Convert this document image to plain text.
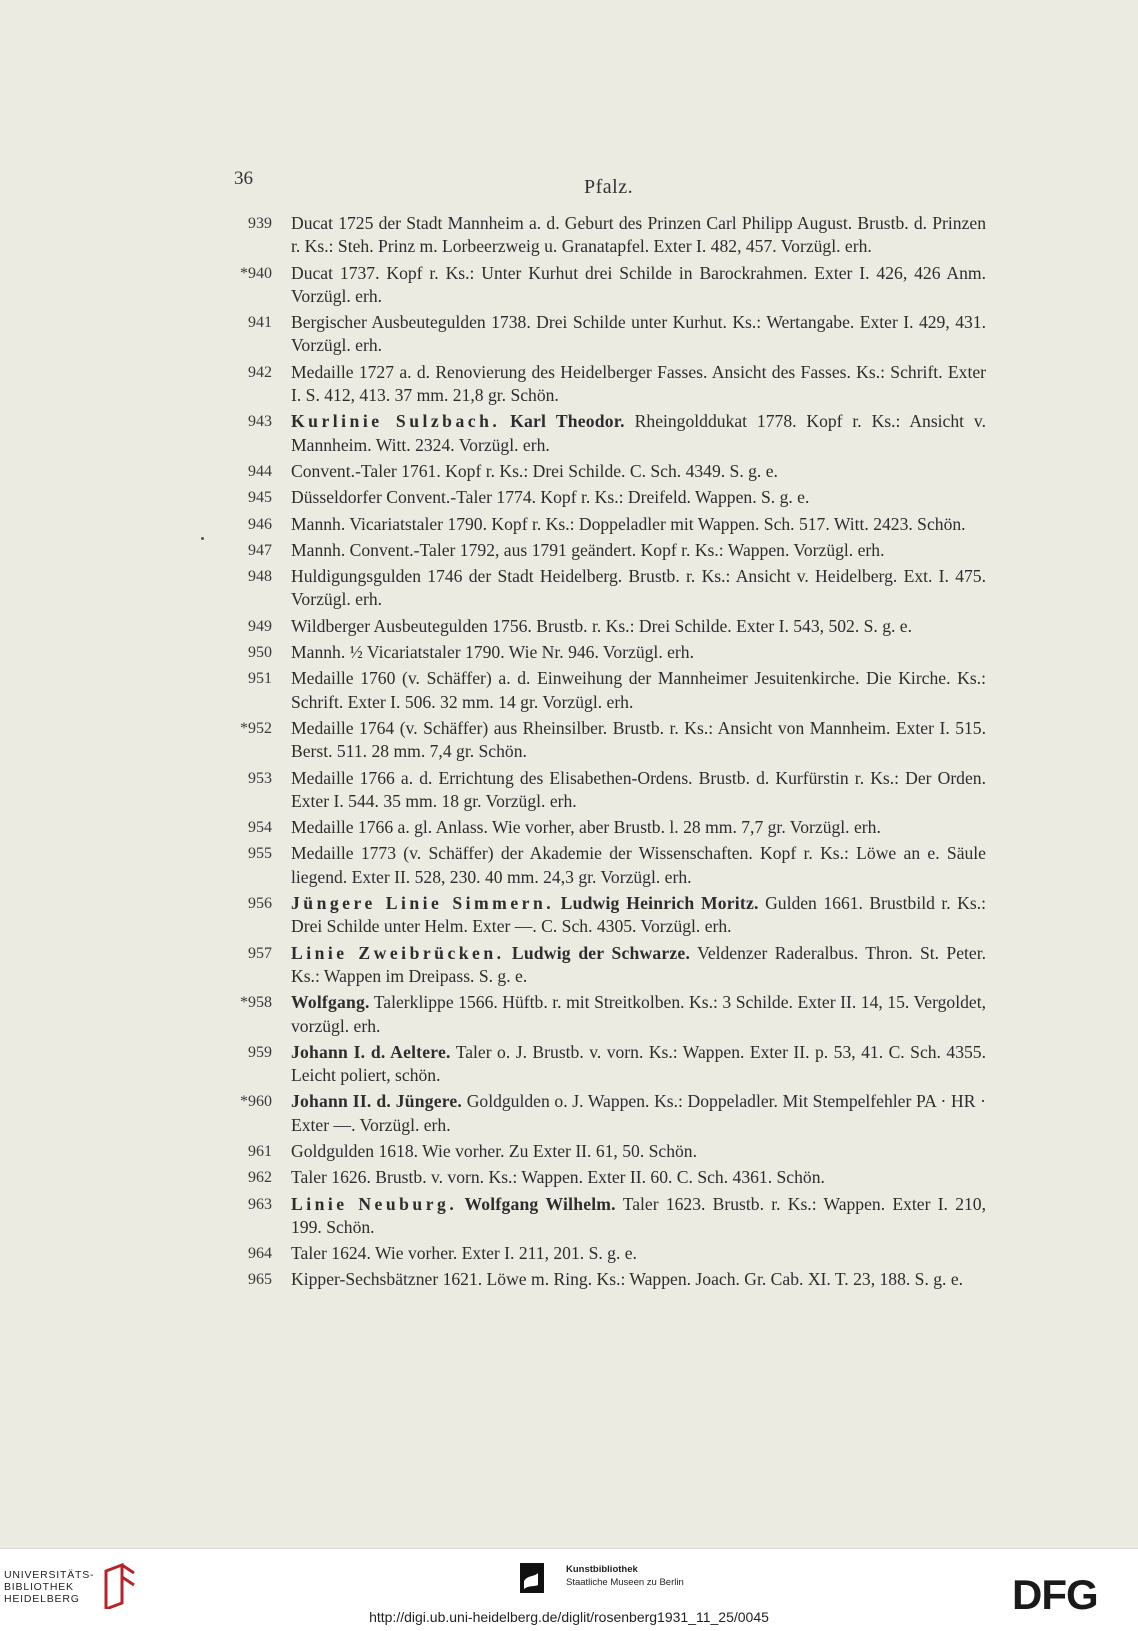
36	Pfalz.
939 Ducat 1725 der Stadt Mannheim a. d. Geburt des Prinzen Carl Philipp August. Brustb. d. Prinzen r. Ks.: Steh. Prinz m. Lorbeerzweig u. Granatapfel. Exter I. 482, 457. Vorzügl. erh.
*940 Ducat 1737. Kopf r. Ks.: Unter Kurhut drei Schilde in Barockrahmen. Exter I. 426, 426 Anm. Vorzügl. erh.
941 Bergischer Ausbeutegulden 1738. Drei Schilde unter Kurhut. Ks.: Wertangabe. Exter I. 429, 431. Vorzügl. erh.
942 Medaille 1727 a. d. Renovierung des Heidelberger Fasses. Ansicht des Fasses. Ks.: Schrift. Exter I. S. 412, 413. 37 mm. 21,8 gr. Schön.
943 Kurlinie Sulzbach. Karl Theodor. Rheingolddukat 1778. Kopf r. Ks.: Ansicht v. Mannheim. Witt. 2324. Vorzügl. erh.
944 Convent.-Taler 1761. Kopf r. Ks.: Drei Schilde. C. Sch. 4349. S. g. e.
945 Düsseldorfer Convent.-Taler 1774. Kopf r. Ks.: Dreifeld. Wappen. S. g. e.
946 Mannh. Vicariatstaler 1790. Kopf r. Ks.: Doppeladler mit Wappen. Sch. 517. Witt. 2423. Schön.
947 Mannh. Convent.-Taler 1792, aus 1791 geändert. Kopf r. Ks.: Wappen. Vorzügl. erh.
948 Huldigungsgulden 1746 der Stadt Heidelberg. Brustb. r. Ks.: Ansicht v. Heidelberg. Ext. I. 475. Vorzügl. erh.
949 Wildberger Ausbeutegulden 1756. Brustb. r. Ks.: Drei Schilde. Exter I. 543, 502. S. g. e.
950 Mannh. ½ Vicariatstaler 1790. Wie Nr. 946. Vorzügl. erh.
951 Medaille 1760 (v. Schäffer) a. d. Einweihung der Mannheimer Jesuitenkirche. Die Kirche. Ks.: Schrift. Exter I. 506. 32 mm. 14 gr. Vorzügl. erh.
*952 Medaille 1764 (v. Schäffer) aus Rheinsilber. Brustb. r. Ks.: Ansicht von Mannheim. Exter I. 515. Berst. 511. 28 mm. 7,4 gr. Schön.
953 Medaille 1766 a. d. Errichtung des Elisabethen-Ordens. Brustb. d. Kurfürstin r. Ks.: Der Orden. Exter I. 544. 35 mm. 18 gr. Vorzügl. erh.
954 Medaille 1766 a. gl. Anlass. Wie vorher, aber Brustb. l. 28 mm. 7,7 gr. Vorzügl. erh.
955 Medaille 1773 (v. Schäffer) der Akademie der Wissenschaften. Kopf r. Ks.: Löwe an e. Säule liegend. Exter II. 528, 230. 40 mm. 24,3 gr. Vorzügl. erh.
956 Jüngere Linie Simmern. Ludwig Heinrich Moritz. Gulden 1661. Brustbild r. Ks.: Drei Schilde unter Helm. Exter —. C. Sch. 4305. Vorzügl. erh.
957 Linie Zweibrücken. Ludwig der Schwarze. Veldenzer Raderalbus. Thron. St. Peter. Ks.: Wappen im Dreipass. S. g. e.
*958 Wolfgang. Talerklippe 1566. Hüftb. r. mit Streitkolben. Ks.: 3 Schilde. Exter II. 14, 15. Vergoldet, vorzügl. erh.
959 Johann I. d. Aeltere. Taler o. J. Brustb. v. vorn. Ks.: Wappen. Exter II. p. 53, 41. C. Sch. 4355. Leicht poliert, schön.
*960 Johann II. d. Jüngere. Goldgulden o. J. Wappen. Ks.: Doppeladler. Mit Stempelfehler PA · HR · Exter —. Vorzügl. erh.
961 Goldgulden 1618. Wie vorher. Zu Exter II. 61, 50. Schön.
962 Taler 1626. Brustb. v. vorn. Ks.: Wappen. Exter II. 60. C. Sch. 4361. Schön.
963 Linie Neuburg. Wolfgang Wilhelm. Taler 1623. Brustb. r. Ks.: Wappen. Exter I. 210, 199. Schön.
964 Taler 1624. Wie vorher. Exter I. 211, 201. S. g. e.
965 Kipper-Sechsbätzner 1621. Löwe m. Ring. Ks.: Wappen. Joach. Gr. Cab. XI. T. 23, 188. S. g. e.
UNIVERSITÄTS-
BIBLIOTHEK
HEIDELBERG
Kunstbibliothek
Staatliche Museen zu Berlin	DFG
http://digi.ub.uni-heidelberg.de/diglit/rosenberg1931_11_25/0045
